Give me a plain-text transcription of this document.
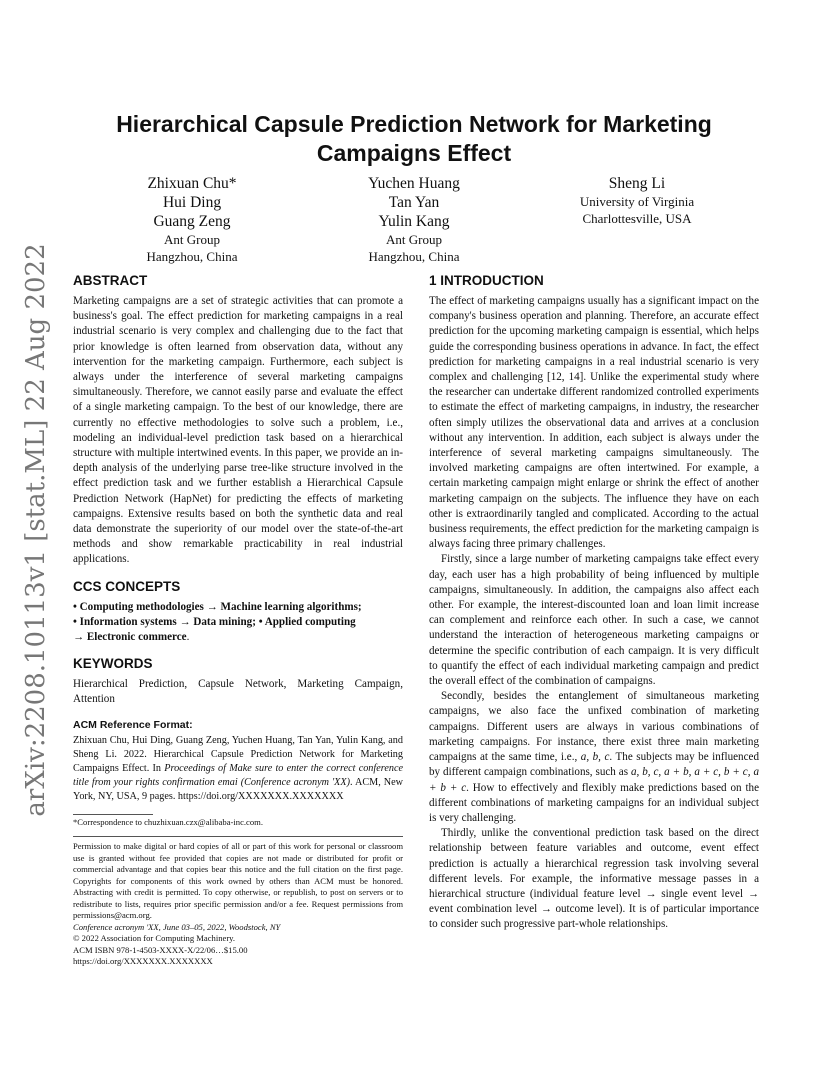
arXiv:2208.10113v1 [stat.ML] 22 Aug 2022
Hierarchical Capsule Prediction Network for Marketing Campaigns Effect
Zhixuan Chu*
Hui Ding
Guang Zeng
Ant Group
Hangzhou, China
Yuchen Huang
Tan Yan
Yulin Kang
Ant Group
Hangzhou, China
Sheng Li
University of Virginia
Charlottesville, USA
ABSTRACT

Marketing campaigns are a set of strategic activities that can promote a business's goal. The effect prediction for marketing campaigns in a real industrial scenario is very complex and challenging due to the fact that prior knowledge is often learned from observation data, without any intervention for the marketing campaign. Furthermore, each subject is always under the interference of several marketing campaigns simultaneously. Therefore, we cannot easily parse and evaluate the effect of a single marketing campaign. To the best of our knowledge, there are currently no effective methodologies to solve such a problem, i.e., modeling an individual-level prediction task based on a hierarchical structure with multiple intertwined events. In this paper, we provide an in-depth analysis of the underlying parse tree-like structure involved in the effect prediction task and we further establish a Hierarchical Capsule Prediction Network (HapNet) for predicting the effects of marketing campaigns. Extensive results based on both the synthetic data and real data demonstrate the superiority of our model over the state-of-the-art methods and show remarkable practicability in real industrial applications.

CCS CONCEPTS

• Computing methodologies → Machine learning algorithms;

• Information systems → Data mining; • Applied computing

→ Electronic commerce.

KEYWORDS

Hierarchical Prediction, Capsule Network, Marketing Campaign, Attention

ACM Reference Format:

Zhixuan Chu, Hui Ding, Guang Zeng, Yuchen Huang, Tan Yan, Yulin Kang, and Sheng Li. 2022. Hierarchical Capsule Prediction Network for Marketing Campaigns Effect. In Proceedings of Make sure to enter the correct conference title from your rights confirmation emai (Conference acronym 'XX). ACM, New York, NY, USA, 9 pages. https://doi.org/XXXXXXX.XXXXXXX

*Correspondence to chuzhixuan.czx@alibaba-inc.com.

Permission to make digital or hard copies of all or part of this work for personal or classroom use is granted without fee provided that copies are not made or distributed for profit or commercial advantage and that copies bear this notice and the full citation on the first page. Copyrights for components of this work owned by others than ACM must be honored. Abstracting with credit is permitted. To copy otherwise, or republish, to post on servers or to redistribute to lists, requires prior specific permission and/or a fee. Request permissions from permissions@acm.org.

Conference acronym 'XX, June 03–05, 2022, Woodstock, NY

© 2022 Association for Computing Machinery.

ACM ISBN 978-1-4503-XXXX-X/22/06…$15.00

https://doi.org/XXXXXXX.XXXXXXX

1 INTRODUCTION

The effect of marketing campaigns usually has a significant impact on the company's business operation and planning. Therefore, an accurate effect prediction for the upcoming marketing campaign is essential, which helps guide the corresponding business operations in advance. In fact, the effect prediction for marketing campaigns in a real industrial scenario is very complex and challenging [12, 14]. Unlike the experimental study where the researcher can undertake different randomized controlled experiments to estimate the effect of marketing campaigns, in industry, the researcher often simply utilizes the observational data and arrives at a conclusion without any intervention. In addition, each subject is always under the interference of several marketing campaigns simultaneously. The involved marketing campaigns are often intertwined. For example, a certain marketing campaign might enlarge or shrink the effect of another marketing campaign on the subjects. The influence they have on each other is extraordinarily tangled and complicated. According to the actual business requirements, the effect prediction for the marketing campaign is always facing three primary challenges.

Firstly, since a large number of marketing campaigns take effect every day, each user has a high probability of being influenced by multiple campaigns, simultaneously. In addition, the campaigns also affect each other. For example, the interest-discounted loan and loan limit increase can complement and reinforce each other. In such a case, we cannot understand the interaction of heterogeneous marketing campaigns or determine the specific contribution of each campaign. It is very difficult to quantify the effect of each individual marketing campaign and predict the overall effect of the combination of campaigns.

Secondly, besides the entanglement of simultaneous marketing campaigns, we also face the unfixed combination of marketing campaigns. Different users are always in various combinations of marketing campaigns. For instance, there exist three main marketing campaigns at the same time, i.e., a, b, c. The subjects may be influenced by different campaign combinations, such as a, b, c, a + b, a + c, b + c, a + b + c. How to effectively and flexibly make predictions based on the different combinations of marketing campaigns for an individual subject is very challenging.

Thirdly, unlike the conventional prediction task based on the direct relationship between feature variables and outcome, event effect prediction is actually a hierarchical regression task involving several different levels. For example, the informative message passes in a hierarchical structure (individual feature level → single event level → event combination level → outcome level). It is of particular importance to consider such progressive part-whole relationships.
